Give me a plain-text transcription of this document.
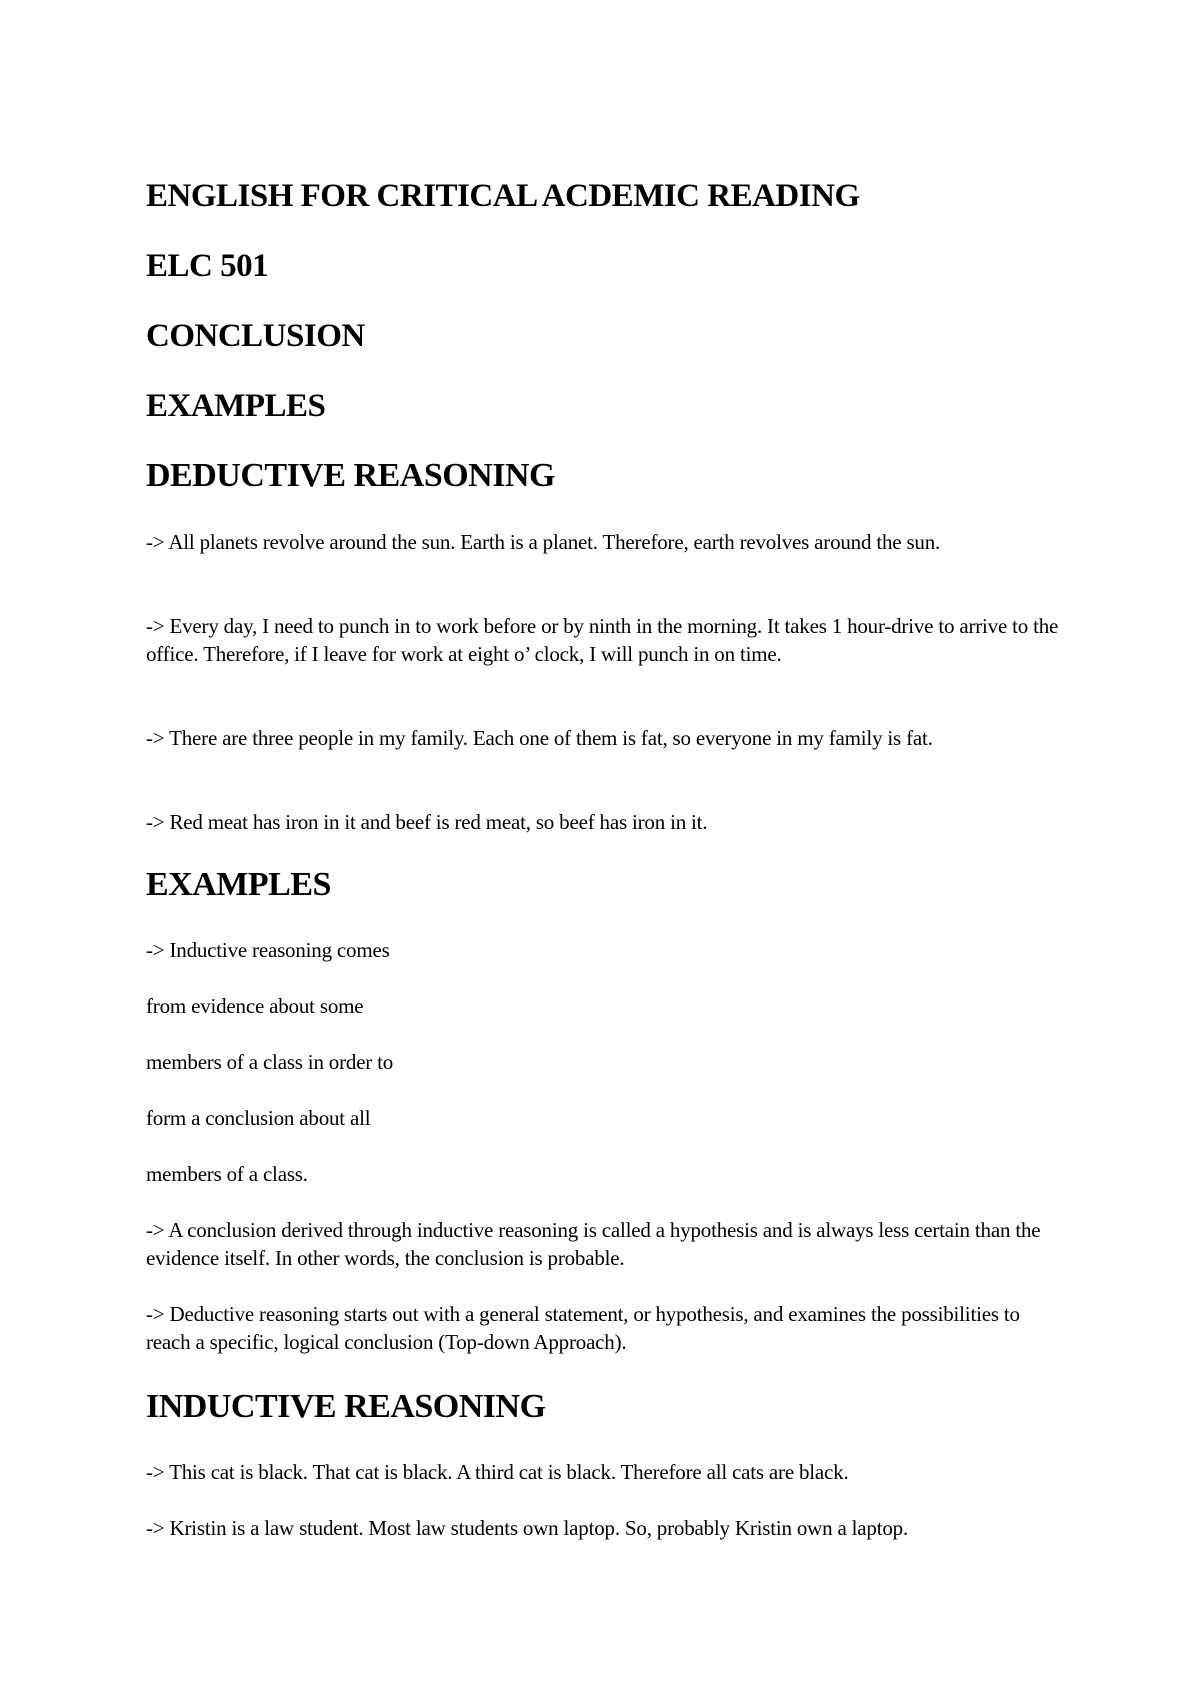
ENGLISH FOR CRITICAL ACDEMIC READING
ELC 501
CONCLUSION
EXAMPLES
DEDUCTIVE REASONING

-> All planets revolve around the sun. Earth is a planet. Therefore, earth revolves around the sun.

-> Every day, I need to punch in to work before or by ninth in the morning. It takes 1 hour-drive to arrive to the office. Therefore, if I leave for work at eight o’ clock, I will punch in on time.

-> There are three people in my family. Each one of them is fat, so everyone in my family is fat.

-> Red meat has iron in it and beef is red meat, so beef has iron in it.

EXAMPLES

-> Inductive reasoning comes

from evidence about some

members of a class in order to

form a conclusion about all

members of a class.

-> A conclusion derived through inductive reasoning is called a hypothesis and is always less certain than the evidence itself. In other words, the conclusion is probable.

-> Deductive reasoning starts out with a general statement, or hypothesis, and examines the possibilities to reach a specific, logical conclusion (Top-down Approach).

INDUCTIVE REASONING

-> This cat is black. That cat is black. A third cat is black. Therefore all cats are black.

-> Kristin is a law student. Most law students own laptop. So, probably Kristin own a laptop.
